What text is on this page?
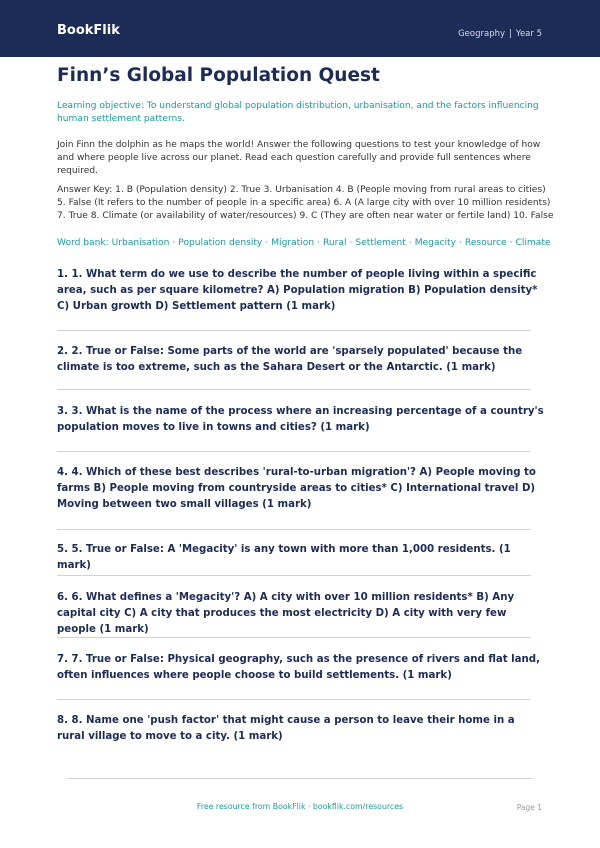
BookFlik	Geography | Year 5
Finn’s Global Population Quest

Learning objective: To understand global population distribution, urbanisation, and the factors influencing human settlement patterns.

Join Finn the dolphin as he maps the world! Answer the following questions to test your knowledge of how and where people live across our planet. Read each question carefully and provide full sentences where required.

Answer Key: 1. B (Population density) 2. True 3. Urbanisation 4. B (People moving from rural areas to cities) 5. False (It refers to the number of people in a specific area) 6. A (A large city with over 10 million residents) 7. True 8. Climate (or availability of water/resources) 9. C (They are often near water or fertile land) 10. False

Word bank: Urbanisation · Population density · Migration · Rural · Settlement · Megacity · Resource · Climate

1. 1. What term do we use to describe the number of people living within a specific area, such as per square kilometre? A) Population migration B) Population density* C) Urban growth D) Settlement pattern (1 mark)

2. 2. True or False: Some parts of the world are 'sparsely populated' because the climate is too extreme, such as the Sahara Desert or the Antarctic. (1 mark)

3. 3. What is the name of the process where an increasing percentage of a country's population moves to live in towns and cities? (1 mark)

4. 4. Which of these best describes 'rural-to-urban migration'? A) People moving to farms B) People moving from countryside areas to cities* C) International travel D) Moving between two small villages (1 mark)

5. 5. True or False: A 'Megacity' is any town with more than 1,000 residents. (1 mark)

6. 6. What defines a 'Megacity'? A) A city with over 10 million residents* B) Any capital city C) A city that produces the most electricity D) A city with very few people (1 mark)

7. 7. True or False: Physical geography, such as the presence of rivers and flat land, often influences where people choose to build settlements. (1 mark)

8. 8. Name one 'push factor' that might cause a person to leave their home in a rural village to move to a city. (1 mark)

Free resource from BookFlik · bookflik.com/resources	Page 1
